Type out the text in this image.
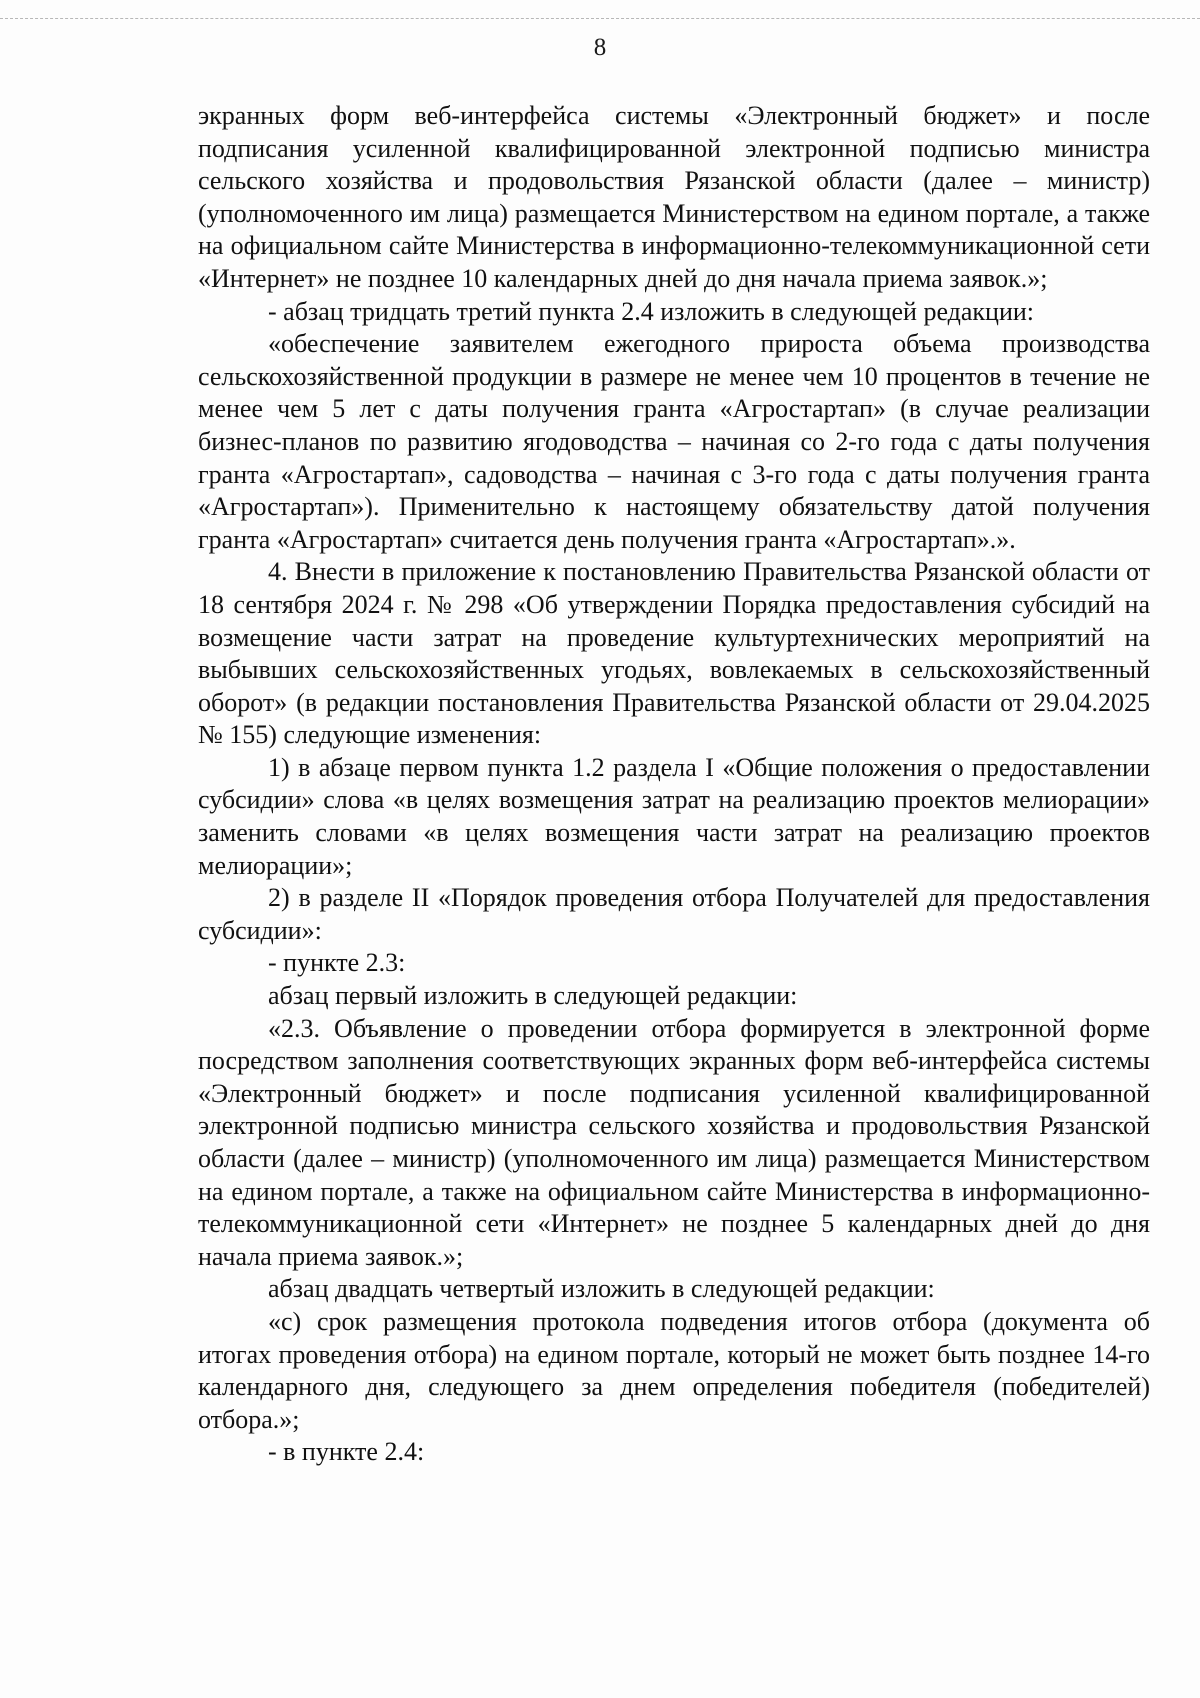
8

экранных форм веб-интерфейса системы «Электронный бюджет» и после подписания усиленной квалифицированной электронной подписью министра сельского хозяйства и продовольствия Рязанской области (далее – министр) (уполномоченного им лица) размещается Министерством на едином портале, а также на официальном сайте Министерства в информационно-телекоммуникационной сети «Интернет» не позднее 10 календарных дней до дня начала приема заявок.»;

- абзац тридцать третий пункта 2.4 изложить в следующей редакции:

«обеспечение заявителем ежегодного прироста объема производства сельскохозяйственной продукции в размере не менее чем 10 процентов в течение не менее чем 5 лет с даты получения гранта «Агростартап» (в случае реализации бизнес-планов по развитию ягодоводства – начиная со 2-го года с даты получения гранта «Агростартап», садоводства – начиная с 3-го года с даты получения гранта «Агростартап»). Применительно к настоящему обязательству датой получения гранта «Агростартап» считается день получения гранта «Агростартап».».

4. Внести в приложение к постановлению Правительства Рязанской области от 18 сентября 2024 г. № 298 «Об утверждении Порядка предоставления субсидий на возмещение части затрат на проведение культуртехнических мероприятий на выбывших сельскохозяйственных угодьях, вовлекаемых в сельскохозяйственный оборот» (в редакции постановления Правительства Рязанской области от 29.04.2025 № 155) следующие изменения:

1) в абзаце первом пункта 1.2 раздела I «Общие положения о предоставлении субсидии» слова «в целях возмещения затрат на реализацию проектов мелиорации» заменить словами «в целях возмещения части затрат на реализацию проектов мелиорации»;

2) в разделе II «Порядок проведения отбора Получателей для предоставления субсидии»:

- пункте 2.3:

абзац первый изложить в следующей редакции:

«2.3. Объявление о проведении отбора формируется в электронной форме посредством заполнения соответствующих экранных форм веб-интерфейса системы «Электронный бюджет» и после подписания усиленной квалифицированной электронной подписью министра сельского хозяйства и продовольствия Рязанской области (далее – министр) (уполномоченного им лица) размещается Министерством на едином портале, а также на официальном сайте Министерства в информационно-телекоммуникационной сети «Интернет» не позднее 5 календарных дней до дня начала приема заявок.»;

абзац двадцать четвертый изложить в следующей редакции:

«с) срок размещения протокола подведения итогов отбора (документа об итогах проведения отбора) на едином портале, который не может быть позднее 14-го календарного дня, следующего за днем определения победителя (победителей) отбора.»;

- в пункте 2.4:
